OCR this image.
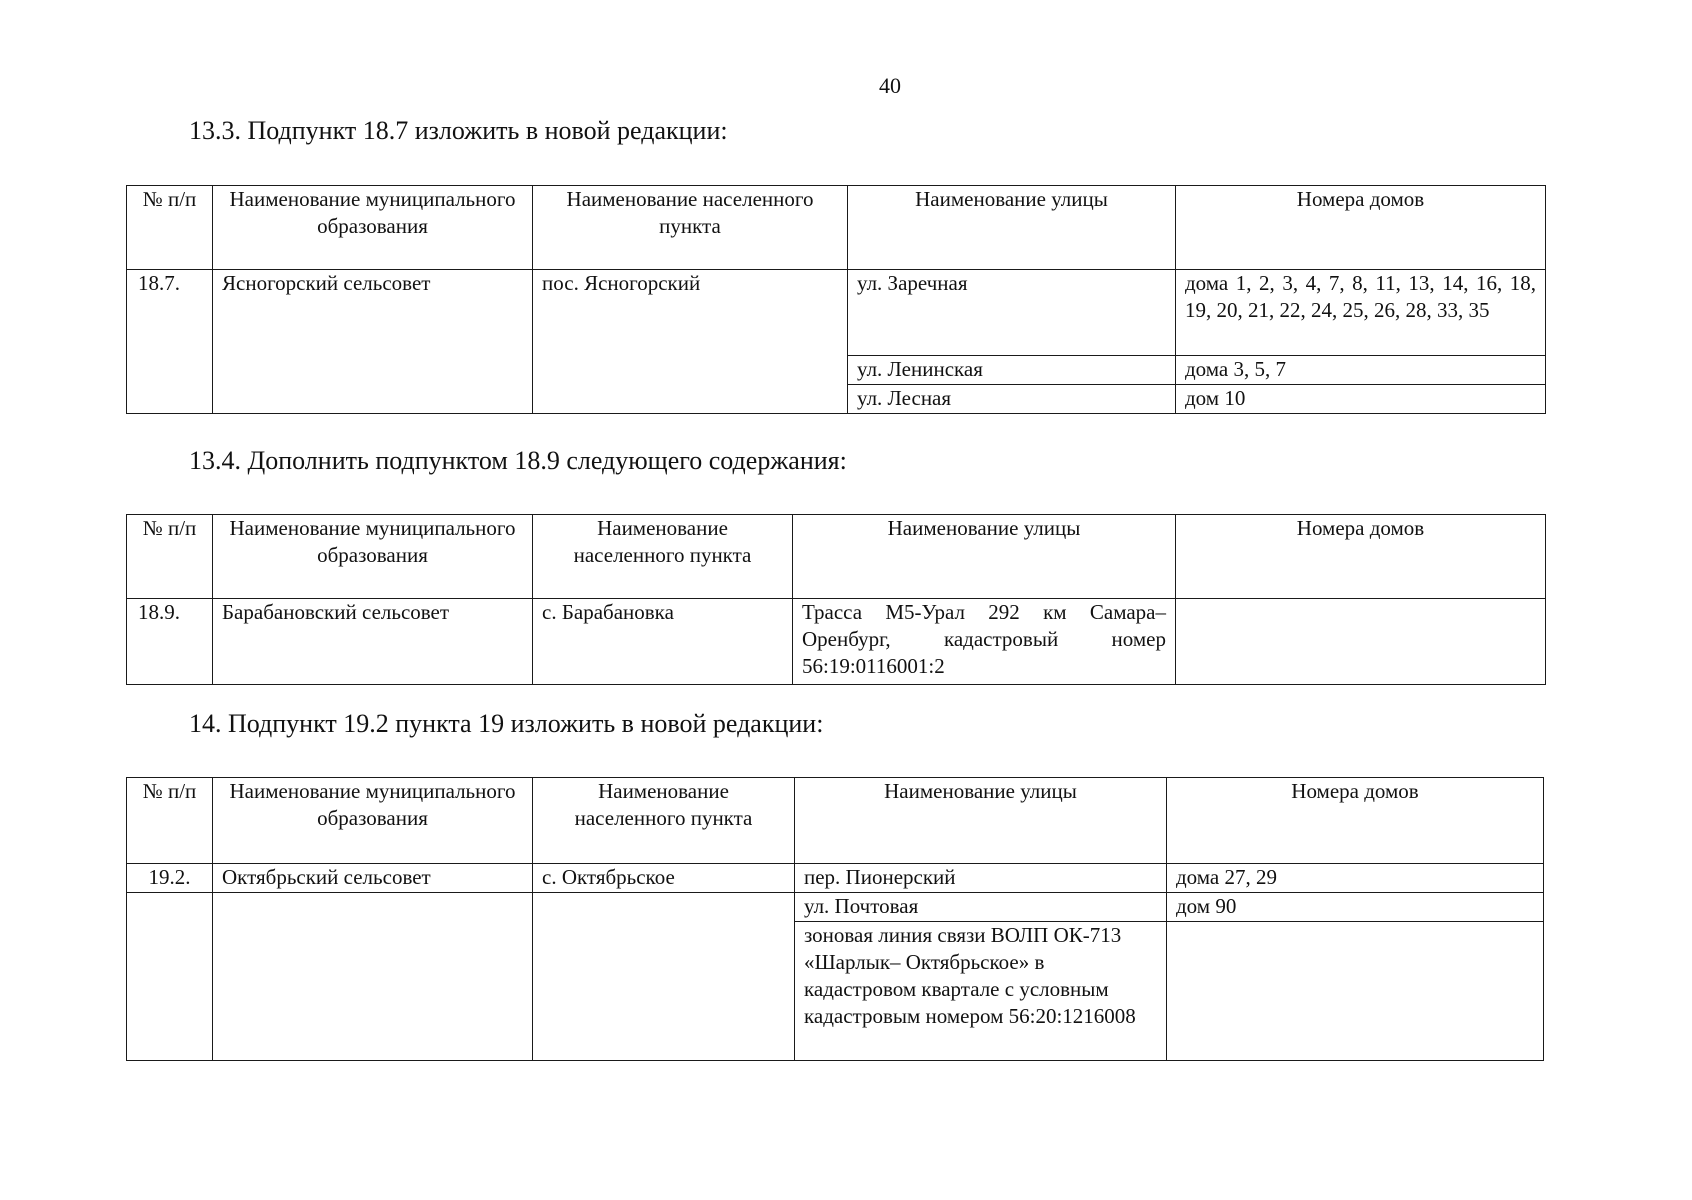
40
13.3. Подпункт 18.7 изложить в новой редакции:
№ п/п	Наименование муниципального образования	Наименование населенного пункта	Наименование улицы	Номера домов
18.7.	Ясногорский сельсовет	пос. Ясногорский	ул. Заречная	дома 1, 2, 3, 4, 7, 8, 11, 13, 14, 16, 18, 19, 20, 21, 22, 24, 25, 26, 28, 33, 35
			ул. Ленинская	дома 3, 5, 7
			ул. Лесная	дом 10
13.4. Дополнить подпунктом 18.9 следующего содержания:
№ п/п	Наименование муниципального образования	Наименование населенного пункта	Наименование улицы	Номера домов
18.9.	Барабановский сельсовет	с. Барабановка	Трасса М5-Урал 292 км Самара–Оренбург, кадастровый номер 56:19:0116001:2	
14. Подпункт 19.2 пункта 19 изложить в новой редакции:
№ п/п	Наименование муниципального образования	Наименование населенного пункта	Наименование улицы	Номера домов
19.2.	Октябрьский сельсовет	с. Октябрьское	пер. Пионерский	дома 27, 29
			ул. Почтовая	дом 90
			зоновая линия связи ВОЛП ОК-713 «Шарлык– Октябрьское» в кадастровом квартале с условным кадастровым номером 56:20:1216008	
